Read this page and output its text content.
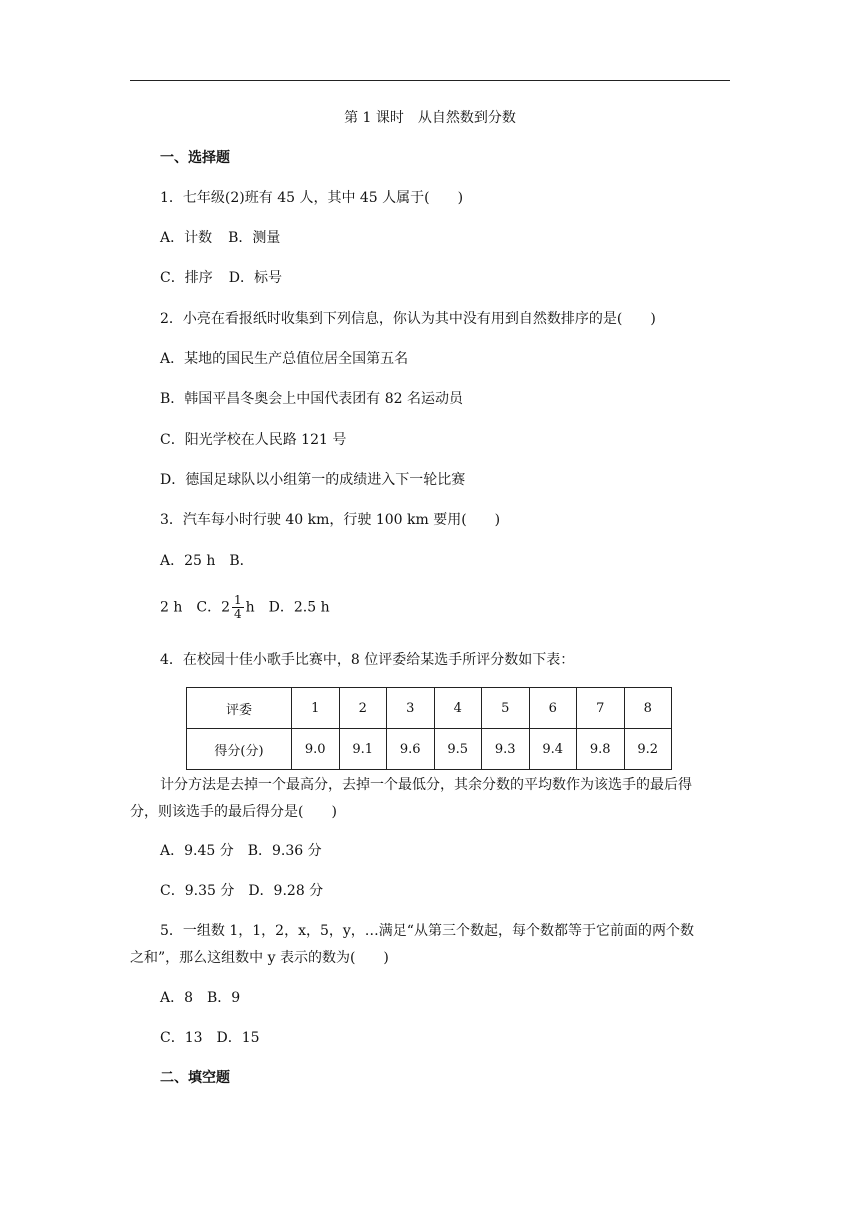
第 1 课时　从自然数到分数
一、选择题
1．七年级(2)班有 45 人，其中 45 人属于(　　)
A．计数 B．测量
C．排序 D．标号
2．小亮在看报纸时收集到下列信息，你认为其中没有用到自然数排序的是(　　)
A．某地的国民生产总值位居全国第五名
B．韩国平昌冬奥会上中国代表团有 82 名运动员
C．阳光学校在人民路 121 号
D．德国足球队以小组第一的成绩进入下一轮比赛
3．汽车每小时行驶 40 km，行驶 100 km 要用(　　)
A．25 h　B．
2 h　C．$2 \frac{1}{4}$ h　D．2.5 h
4．在校园十佳小歌手比赛中，8 位评委给某选手所评分数如下表：
评委	1	2	3	4	5	6	7	8
得分(分)	9.0	9.1	9.6	9.5	9.3	9.4	9.8	9.2
计分方法是去掉一个最高分，去掉一个最低分，其余分数的平均数作为该选手的最后得
分，则该选手的最后得分是(　　)
A．9.45 分　B．9.36 分
C．9.35 分　D．9.28 分
5．一组数 1，1，2，x，5，y，…满足“从第三个数起，每个数都等于它前面的两个数
之和”，那么这组数中 y 表示的数为(　　)
A．8　B．9
C．13　D．15
二、填空题
